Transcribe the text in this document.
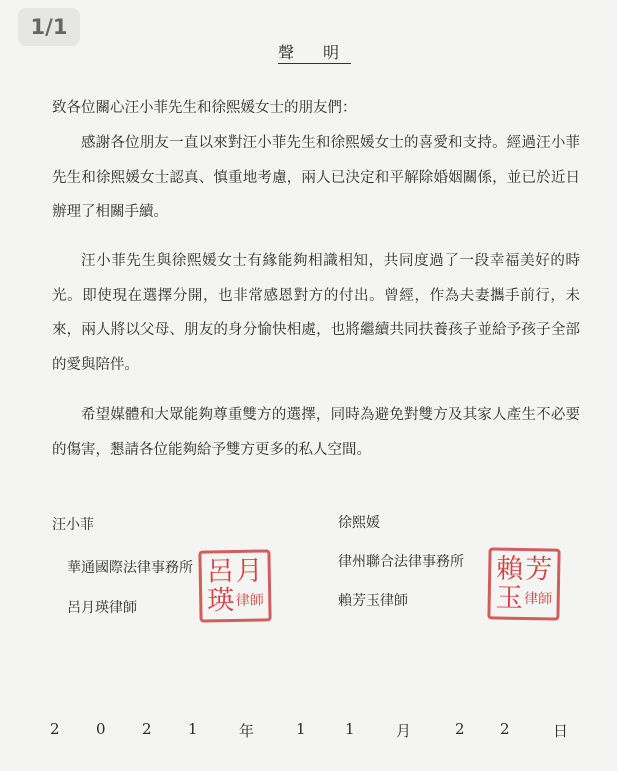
1/1
聲 明
致各位關心汪小菲先生和徐熙媛女士的朋友們：

感謝各位朋友一直以來對汪小菲先生和徐熙媛女士的喜愛和支持。經過汪小菲先生和徐熙媛女士認真、慎重地考慮，兩人已決定和平解除婚姻關係，並已於近日辦理了相關手續。

汪小菲先生與徐熙媛女士有緣能夠相識相知，共同度過了一段幸福美好的時光。即使現在選擇分開，也非常感恩對方的付出。曾經，作為夫妻攜手前行，未來，兩人將以父母、朋友的身分愉快相處，也將繼續共同扶養孩子並給予孩子全部的愛與陪伴。

希望媒體和大眾能夠尊重雙方的選擇，同時為避免對雙方及其家人產生不必要的傷害，懇請各位能夠給予雙方更多的私人空間。

汪小菲
華通國際法律事務所
呂月瑛律師
呂 月
瑛 律師
徐熙媛
律州聯合法律事務所
賴芳玉律師
賴 芳
玉 律師
2 0 2 1	年	1	1	月	2 2	日
